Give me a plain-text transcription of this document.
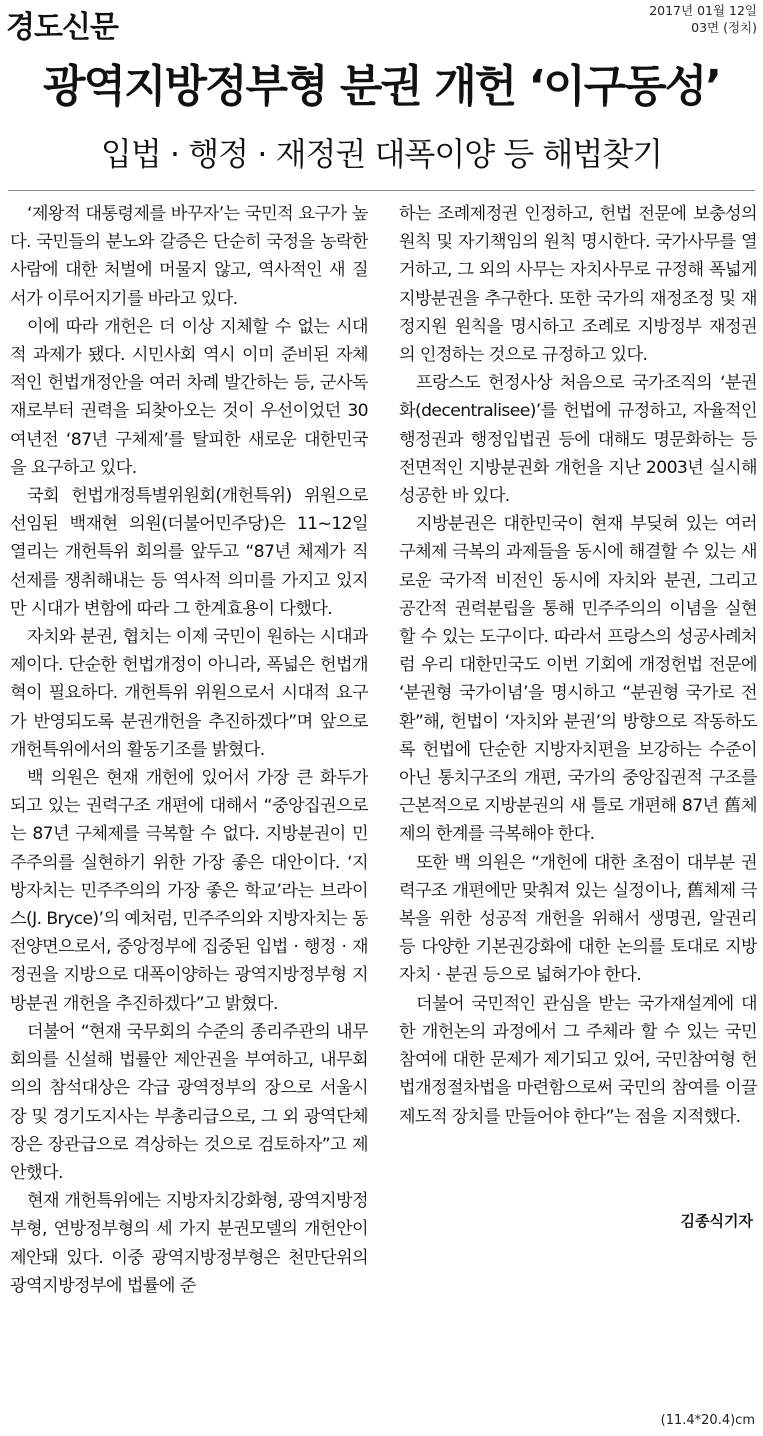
경도신문	2017년 01월 12일
03면 (정치)
광역지방정부형 분권 개헌 ‘이구동성’
입법 · 행정 · 재정권 대폭이양 등 해법찾기

‘제왕적 대통령제를 바꾸자’는 국민적 요구가 높다. 국민들의 분노와 갈증은 단순히 국정을 농락한 사람에 대한 처벌에 머물지 않고, 역사적인 새 질서가 이루어지기를 바라고 있다.

이에 따라 개헌은 더 이상 지체할 수 없는 시대적 과제가 됐다. 시민사회 역시 이미 준비된 자체적인 헌법개정안을 여러 차례 발간하는 등, 군사독재로부터 권력을 되찾아오는 것이 우선이었던 30여년전 ‘87년 구체제’를 탈피한 새로운 대한민국을 요구하고 있다.

국회 헌법개정특별위원회(개헌특위) 위원으로 선임된 백재현 의원(더불어민주당)은 11~12일 열리는 개헌특위 회의를 앞두고 “87년 체제가 직선제를 쟁취해내는 등 역사적 의미를 가지고 있지만 시대가 변함에 따라 그 한계효용이 다했다.

자치와 분권, 협치는 이제 국민이 원하는 시대과제이다. 단순한 헌법개정이 아니라, 폭넓은 헌법개혁이 필요하다. 개헌특위 위원으로서 시대적 요구가 반영되도록 분권개헌을 추진하겠다”며 앞으로 개헌특위에서의 활동기조를 밝혔다.

백 의원은 현재 개헌에 있어서 가장 큰 화두가 되고 있는 권력구조 개편에 대해서 “중앙집권으로는 87년 구체제를 극복할 수 없다. 지방분권이 민주주의를 실현하기 위한 가장 좋은 대안이다. ‘지방자치는 민주주의의 가장 좋은 학교’라는 브라이스(J. Bryce)’의 예처럼, 민주주의와 지방자치는 동전양면으로서, 중앙정부에 집중된 입법 · 행정 · 재정권을 지방으로 대폭이양하는 광역지방정부형 지방분권 개헌을 추진하겠다”고 밝혔다.

더불어 “현재 국무회의 수준의 종리주관의 내무회의를 신설해 법률안 제안권을 부여하고, 내무회의의 참석대상은 각급 광역정부의 장으로 서울시장 및 경기도지사는 부총리급으로, 그 외 광역단체장은 장관급으로 격상하는 것으로 검토하자”고 제안했다.

현재 개헌특위에는 지방자치강화형, 광역지방정부형, 연방정부형의 세 가지 분권모델의 개헌안이 제안돼 있다. 이중 광역지방정부형은 천만단위의 광역지방정부에 법률에 준

하는 조례제정권 인정하고, 헌법 전문에 보충성의 원칙 및 자기책임의 원칙 명시한다. 국가사무를 열거하고, 그 외의 사무는 자치사무로 규정해 폭넓게 지방분권을 추구한다. 또한 국가의 재정조정 및 재정지원 원칙을 명시하고 조례로 지방정부 재정권의 인정하는 것으로 규정하고 있다.

프랑스도 헌정사상 처음으로 국가조직의 ‘분권화(decentralisee)’를 헌법에 규정하고, 자율적인 행정권과 행정입법권 등에 대해도 명문화하는 등 전면적인 지방분권화 개헌을 지난 2003년 실시해 성공한 바 있다.

지방분권은 대한민국이 현재 부딪혀 있는 여러 구체제 극복의 과제들을 동시에 해결할 수 있는 새로운 국가적 비전인 동시에 자치와 분권, 그리고 공간적 권력분립을 통해 민주주의의 이념을 실현할 수 있는 도구이다. 따라서 프랑스의 성공사례처럼 우리 대한민국도 이번 기회에 개정헌법 전문에 ‘분권형 국가이념’을 명시하고 “분권형 국가로 전환”해, 헌법이 ‘자치와 분권’의 방향으로 작동하도록 헌법에 단순한 지방자치편을 보강하는 수준이 아닌 통치구조의 개편, 국가의 중앙집권적 구조를 근본적으로 지방분권의 새 틀로 개편해 87년 舊체제의 한계를 극복해야 한다.

또한 백 의원은 “개헌에 대한 초점이 대부분 권력구조 개편에만 맞춰져 있는 실정이나, 舊체제 극복을 위한 성공적 개헌을 위해서 생명권, 알권리 등 다양한 기본권강화에 대한 논의를 토대로 지방자치 · 분권 등으로 넓혀가야 한다.

더불어 국민적인 관심을 받는 국가재설계에 대한 개헌논의 과정에서 그 주체라 할 수 있는 국민참여에 대한 문제가 제기되고 있어, 국민참여형 헌법개정절차법을 마련함으로써 국민의 참여를 이끌 제도적 장치를 만들어야 한다”는 점을 지적했다.

김종식기자
(11.4*20.4)cm
